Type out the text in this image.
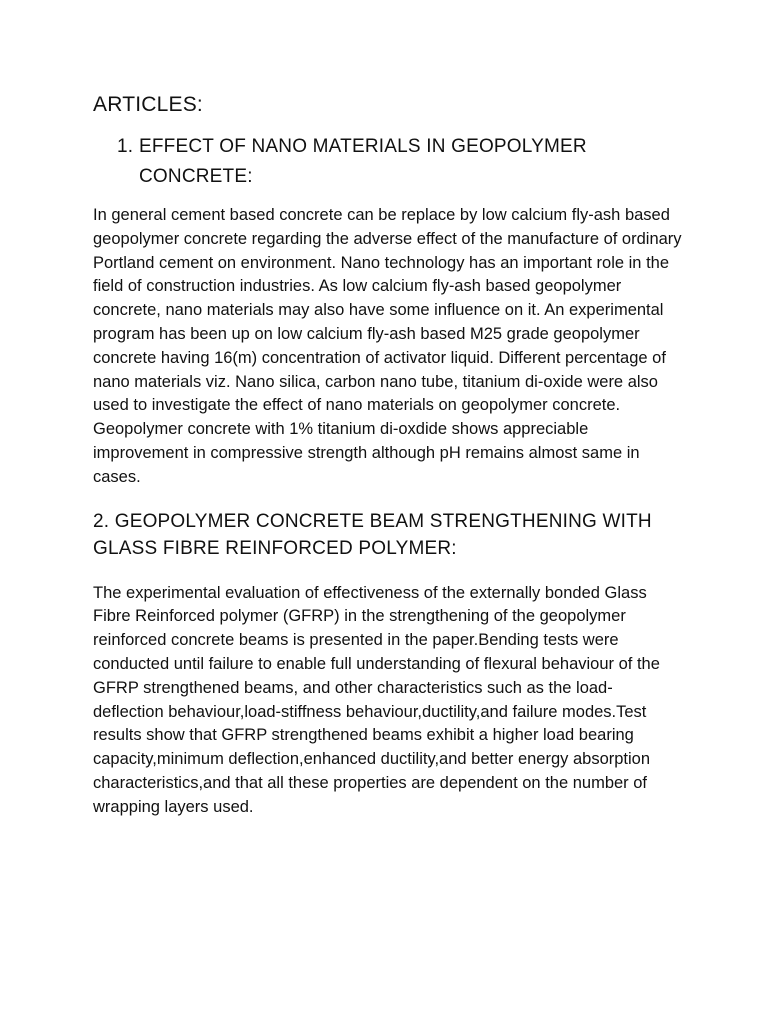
ARTICLES:
1. EFFECT OF NANO MATERIALS IN GEOPOLYMER CONCRETE:

In general cement based concrete can be replace by low calcium fly-ash based geopolymer concrete regarding the adverse effect of the manufacture of ordinary Portland cement on environment. Nano technology has an important role in the field of construction industries. As low calcium fly-ash based geopolymer concrete, nano materials may also have some influence on it. An experimental program has been up on low calcium fly-ash based M25 grade geopolymer concrete having 16(m) concentration of activator liquid. Different percentage of nano materials viz. Nano silica, carbon nano tube, titanium di-oxide were also used to investigate the effect of nano materials on geopolymer concrete. Geopolymer concrete with 1% titanium di-oxdide shows appreciable improvement in compressive strength although pH remains almost same in cases.

2. GEOPOLYMER CONCRETE BEAM STRENGTHENING WITH GLASS FIBRE REINFORCED POLYMER:

The experimental evaluation of effectiveness of the externally bonded Glass Fibre Reinforced polymer (GFRP) in the strengthening of the geopolymer reinforced concrete beams is presented in the paper.Bending tests were conducted until failure to enable full understanding of flexural behaviour of the GFRP strengthened beams, and other characteristics such as the load-deflection behaviour,load-stiffness behaviour,ductility,and failure modes.Test results show that GFRP strengthened beams exhibit a higher load bearing capacity,minimum deflection,enhanced ductility,and better energy absorption characteristics,and that all these properties are dependent on the number of wrapping layers used.
